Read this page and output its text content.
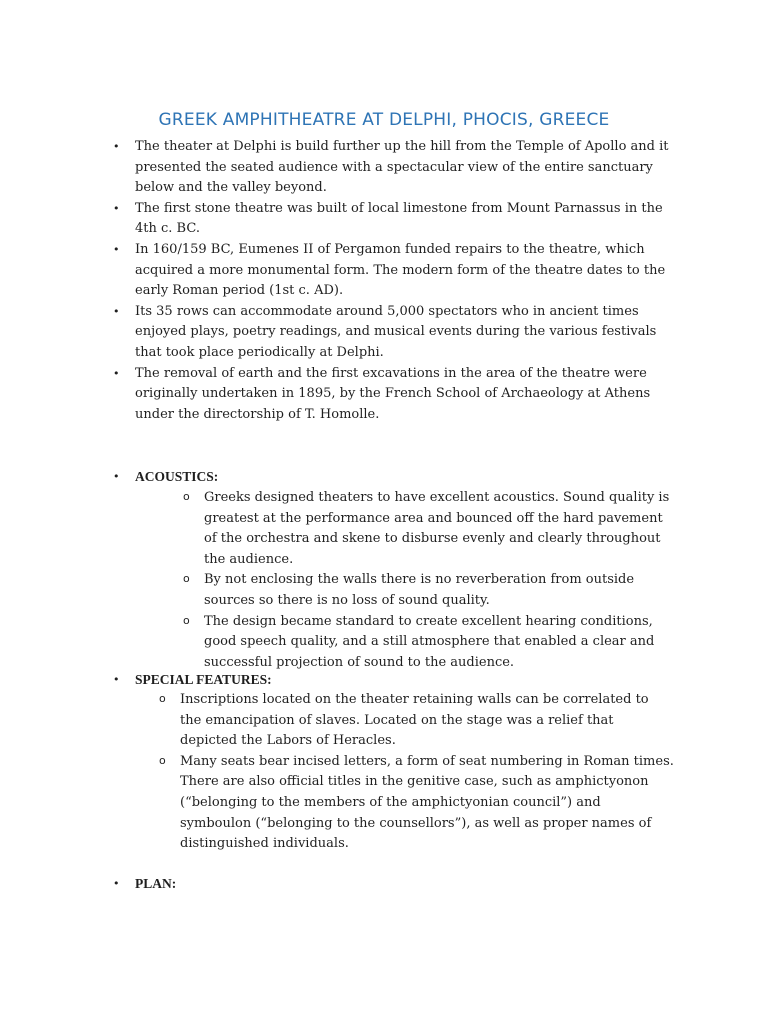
GREEK AMPHITHEATRE AT DELPHI, PHOCIS, GREECE
• The theater at Delphi is build further up the hill from the Temple of Apollo and it presented the seated audience with a spectacular view of the entire sanctuary below and the valley beyond.
• The first stone theatre was built of local limestone from Mount Parnassus in the 4th c. BC.
• In 160/159 BC, Eumenes II of Pergamon funded repairs to the theatre, which acquired a more monumental form. The modern form of the theatre dates to the early Roman period (1st c. AD).
• Its 35 rows can accommodate around 5,000 spectators who in ancient times enjoyed plays, poetry readings, and musical events during the various festivals that took place periodically at Delphi.
• The removal of earth and the first excavations in the area of the theatre were originally undertaken in 1895, by the French School of Archaeology at Athens under the directorship of T. Homolle.
• ACOUSTICS:
o Greeks designed theaters to have excellent acoustics. Sound quality is greatest at the performance area and bounced off the hard pavement of the orchestra and skene to disburse evenly and clearly throughout the audience.
o By not enclosing the walls there is no reverberation from outside sources so there is no loss of sound quality.
o The design became standard to create excellent hearing conditions, good speech quality, and a still atmosphere that enabled a clear and successful projection of sound to the audience.
• SPECIAL FEATURES:
o Inscriptions located on the theater retaining walls can be correlated to the emancipation of slaves. Located on the stage was a relief that depicted the Labors of Heracles.
o Many seats bear incised letters, a form of seat numbering in Roman times. There are also official titles in the genitive case, such as amphictyonon (“belonging to the members of the amphictyonian council”) and symboulon (“belonging to the counsellors”), as well as proper names of distinguished individuals.
• PLAN:
